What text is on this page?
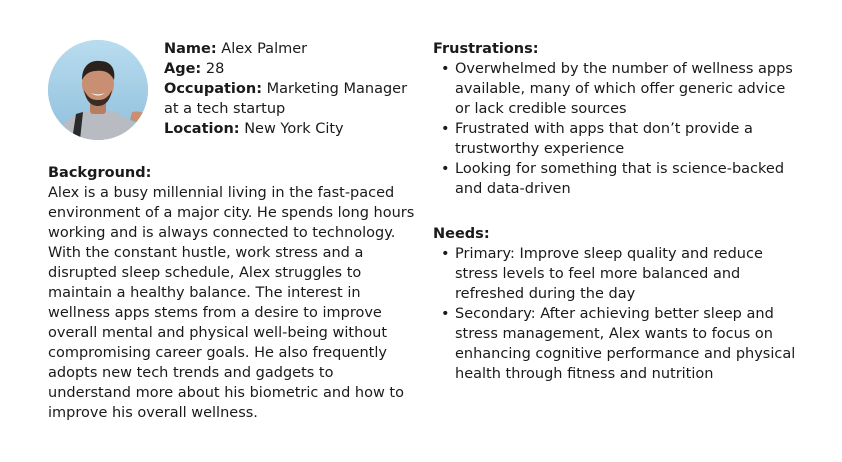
Name: Alex Palmer
Age: 28
Occupation: Marketing Manager at a tech startup
Location: New York City
Background:

Alex is a busy millennial living in the fast-paced environment of a major city. He spends long hours working and is always connected to technology. With the constant hustle, work stress and a disrupted sleep schedule, Alex struggles to maintain a healthy balance. The interest in wellness apps stems from a desire to improve overall mental and physical well-being without compromising career goals. He also frequently adopts new tech trends and gadgets to understand more about his biometric and how to improve his overall wellness.

Frustrations:
• Overwhelmed by the number of wellness apps available, many of which offer generic advice or lack credible sources
• Frustrated with apps that don’t provide a trustworthy experience
• Looking for something that is science-backed and data-driven
Needs:
• Primary: Improve sleep quality and reduce stress levels to feel more balanced and refreshed during the day
• Secondary: After achieving better sleep and stress management, Alex wants to focus on enhancing cognitive performance and physical health through fitness and nutrition
